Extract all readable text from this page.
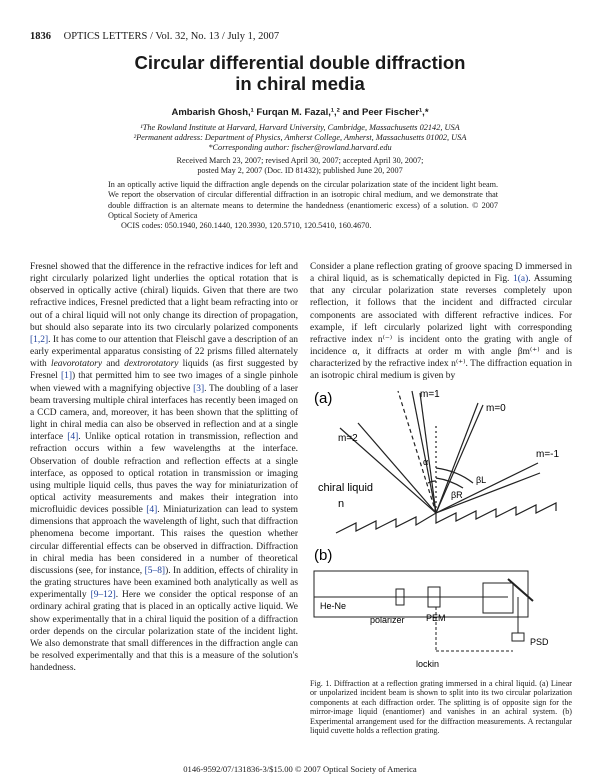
1836 OPTICS LETTERS / Vol. 32, No. 13 / July 1, 2007
Circular differential double diffraction
in chiral media
Ambarish Ghosh,¹ Furqan M. Fazal,¹,² and Peer Fischer¹,*
¹The Rowland Institute at Harvard, Harvard University, Cambridge, Massachusetts 02142, USA
²Permanent address: Department of Physics, Amherst College, Amherst, Massachusetts 01002, USA
*Corresponding author: fischer@rowland.harvard.edu
Received March 23, 2007; revised April 30, 2007; accepted April 30, 2007;
posted May 2, 2007 (Doc. ID 81432); published June 20, 2007
In an optically active liquid the diffraction angle depends on the circular polarization state of the incident light beam. We report the observation of circular differential diffraction in an isotropic chiral medium, and we demonstrate that double diffraction is an alternate means to determine the handedness (enantiomeric excess) of a solution. © 2007 Optical Society of America
OCIS codes: 050.1940, 260.1440, 120.3930, 120.5710, 120.5410, 160.4670.
Fresnel showed that the difference in the refractive indices for left and right circularly polarized light underlies the optical rotation that is observed in optically active (chiral) liquids. Given that there are two refractive indices, Fresnel predicted that a light beam refracting into or out of a chiral liquid will not only change its direction of propagation, but should also separate into its two circularly polarized components [1,2]. It has come to our attention that Fleischl gave a description of an early experimental apparatus consisting of 22 prisms filled alternately with leavorotatory and dextrorotatory liquids (as first suggested by Fresnel [1]) that permitted him to see two images of a single pinhole when viewed with a magnifying objective [3]. The doubling of a laser beam traversing multiple chiral interfaces has recently been imaged on a CCD camera, and, moreover, it has been shown that the splitting of light in chiral media can also be observed in reflection and at a single interface [4]. Unlike optical rotation in transmission, reflection and refraction occurs within a few wavelengths at the interface. Observation of double refraction and reflection effects at a single interface, as opposed to optical rotation in transmission or imaging using multiple liquid cells, thus paves the way for miniaturization of optical activity measurements and makes their integration into microfluidic devices possible [4]. Miniaturization can lead to system dimensions that approach the wavelength of light, such that diffraction phenomena become important. This raises the question whether circular differential effects can be observed in diffraction. Diffraction in chiral media has been considered in a number of theoretical discussions (see, for instance, [5–8]). In addition, effects of chirality in the grating structures have been examined both analytically as well as experimentally [9–12]. Here we consider the optical response of an ordinary achiral grating that is placed in an optically active liquid. We show experimentally that in a chiral liquid the position of a diffraction order depends on the circular polarization state of the incident light. We also demonstrate that small differences in the diffraction angle can be resolved experimentally and that this is a measure of the solution's handedness.
Consider a plane reflection grating of groove spacing D immersed in a chiral liquid, as is schematically depicted in Fig. 1(a). Assuming that any circular polarization state reverses completely upon reflection, it follows that the incident and diffracted circular components are associated with different refractive indices. For example, if left circularly polarized light with corresponding refractive index n⁽⁻⁾ is incident onto the grating with angle of incidence α, it diffracts at order m with angle βm⁽⁺⁾ and is characterized by the refractive index n⁽⁺⁾. The diffraction equation in an isotropic chiral medium is given by
(a)	m=1
m=0
m=2
m=-1
α
βL
βR
chiral liquid
n
(b)
He-Ne
polarizer PEM
lockin
PSD
Fig. 1. Diffraction at a reflection grating immersed in a chiral liquid. (a) Linear or unpolarized incident beam is shown to split into its two circular polarization components at each diffraction order. The splitting is of opposite sign for the mirror-image liquid (enantiomer) and vanishes in an achiral system. (b) Experimental arrangement used for the diffraction measurements. A rectangular liquid cuvette holds a reflection grating.
0146-9592/07/131836-3/$15.00 © 2007 Optical Society of America
